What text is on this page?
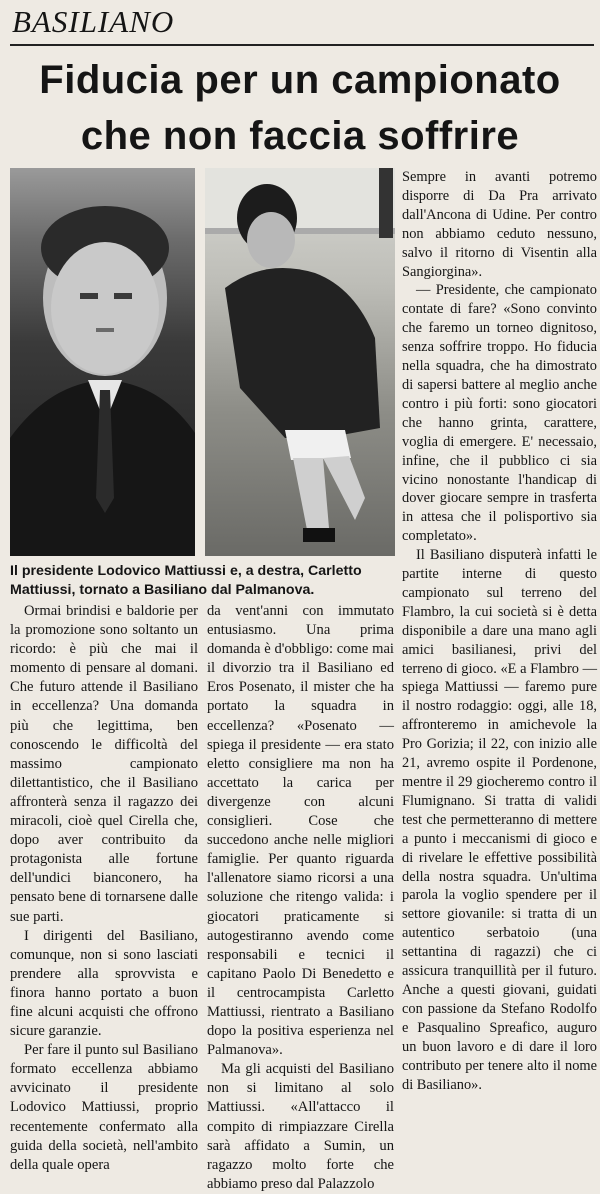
BASILIANO
Fiducia per un campionato
che non faccia soffrire
Il presidente Lodovico Mattiussi e, a destra, Carletto Mattiussi, tornato a Basiliano dal Palmanova.

Ormai brindisi e baldorie per la promozione sono soltanto un ricordo: è più che mai il momento di pensare al domani. Che futuro attende il Basiliano in eccellenza? Una domanda più che legittima, ben conoscendo le difficoltà del massimo campionato dilettantistico, che il Basiliano affronterà senza il ragazzo dei miracoli, cioè quel Cirella che, dopo aver contribuito da protagonista alle fortune dell'undici bianconero, ha pensato bene di tornarsene dalle sue parti.

I dirigenti del Basiliano, comunque, non si sono lasciati prendere alla sprovvista e finora hanno portato a buon fine alcuni acquisti che offrono sicure garanzie.

Per fare il punto sul Basiliano formato eccellenza abbiamo avvicinato il presidente Lodovico Mattiussi, proprio recentemente confermato alla guida della società, nell'ambito della quale opera

da vent'anni con immutato entusiasmo. Una prima domanda è d'obbligo: come mai il divorzio tra il Basiliano ed Eros Posenato, il mister che ha portato la squadra in eccellenza? «Posenato — spiega il presidente — era stato eletto consigliere ma non ha accettato la carica per divergenze con alcuni consiglieri. Cose che succedono anche nelle migliori famiglie. Per quanto riguarda l'allenatore siamo ricorsi a una soluzione che ritengo valida: i giocatori praticamente si autogestiranno avendo come responsabili e tecnici il capitano Paolo Di Benedetto e il centrocampista Carletto Mattiussi, rientrato a Basiliano dopo la positiva esperienza nel Palmanova».

Ma gli acquisti del Basiliano non si limitano al solo Mattiussi. «All'attacco il compito di rimpiazzare Cirella sarà affidato a Sumin, un ragazzo molto forte che abbiamo preso dal Palazzolo

Sempre in avanti potremo disporre di Da Pra arrivato dall'Ancona di Udine. Per contro non abbiamo ceduto nessuno, salvo il ritorno di Visentin alla Sangiorgina».

— Presidente, che campionato contate di fare? «Sono convinto che faremo un torneo dignitoso, senza soffrire troppo. Ho fiducia nella squadra, che ha dimostrato di sapersi battere al meglio anche contro i più forti: sono giocatori che hanno grinta, carattere, voglia di emergere. E' necessaio, infine, che il pubblico ci sia vicino nonostante l'handicap di dover giocare sempre in trasferta in attesa che il polisportivo sia completato».

Il Basiliano disputerà infatti le partite interne di questo campionato sul terreno del Flambro, la cui società si è detta disponibile a dare una mano agli amici basilianesi, privi del terreno di gioco. «E a Flambro — spiega Mattiussi — faremo pure il nostro rodaggio: oggi, alle 18, affronteremo in amichevole la Pro Gorizia; il 22, con inizio alle 21, avremo ospite il Pordenone, mentre il 29 giocheremo contro il Flumignano. Si tratta di validi test che permetteranno di mettere a punto i meccanismi di gioco e di rivelare le effettive possibilità della nostra squadra. Un'ultima parola la voglio spendere per il settore giovanile: si tratta di un autentico serbatoio (una settantina di ragazzi) che ci assicura tranquillità per il futuro. Anche a questi giovani, guidati con passione da Stefano Rodolfo e Pasqualino Spreafico, auguro un buon lavoro e di dare il loro contributo per tenere alto il nome di Basiliano».
